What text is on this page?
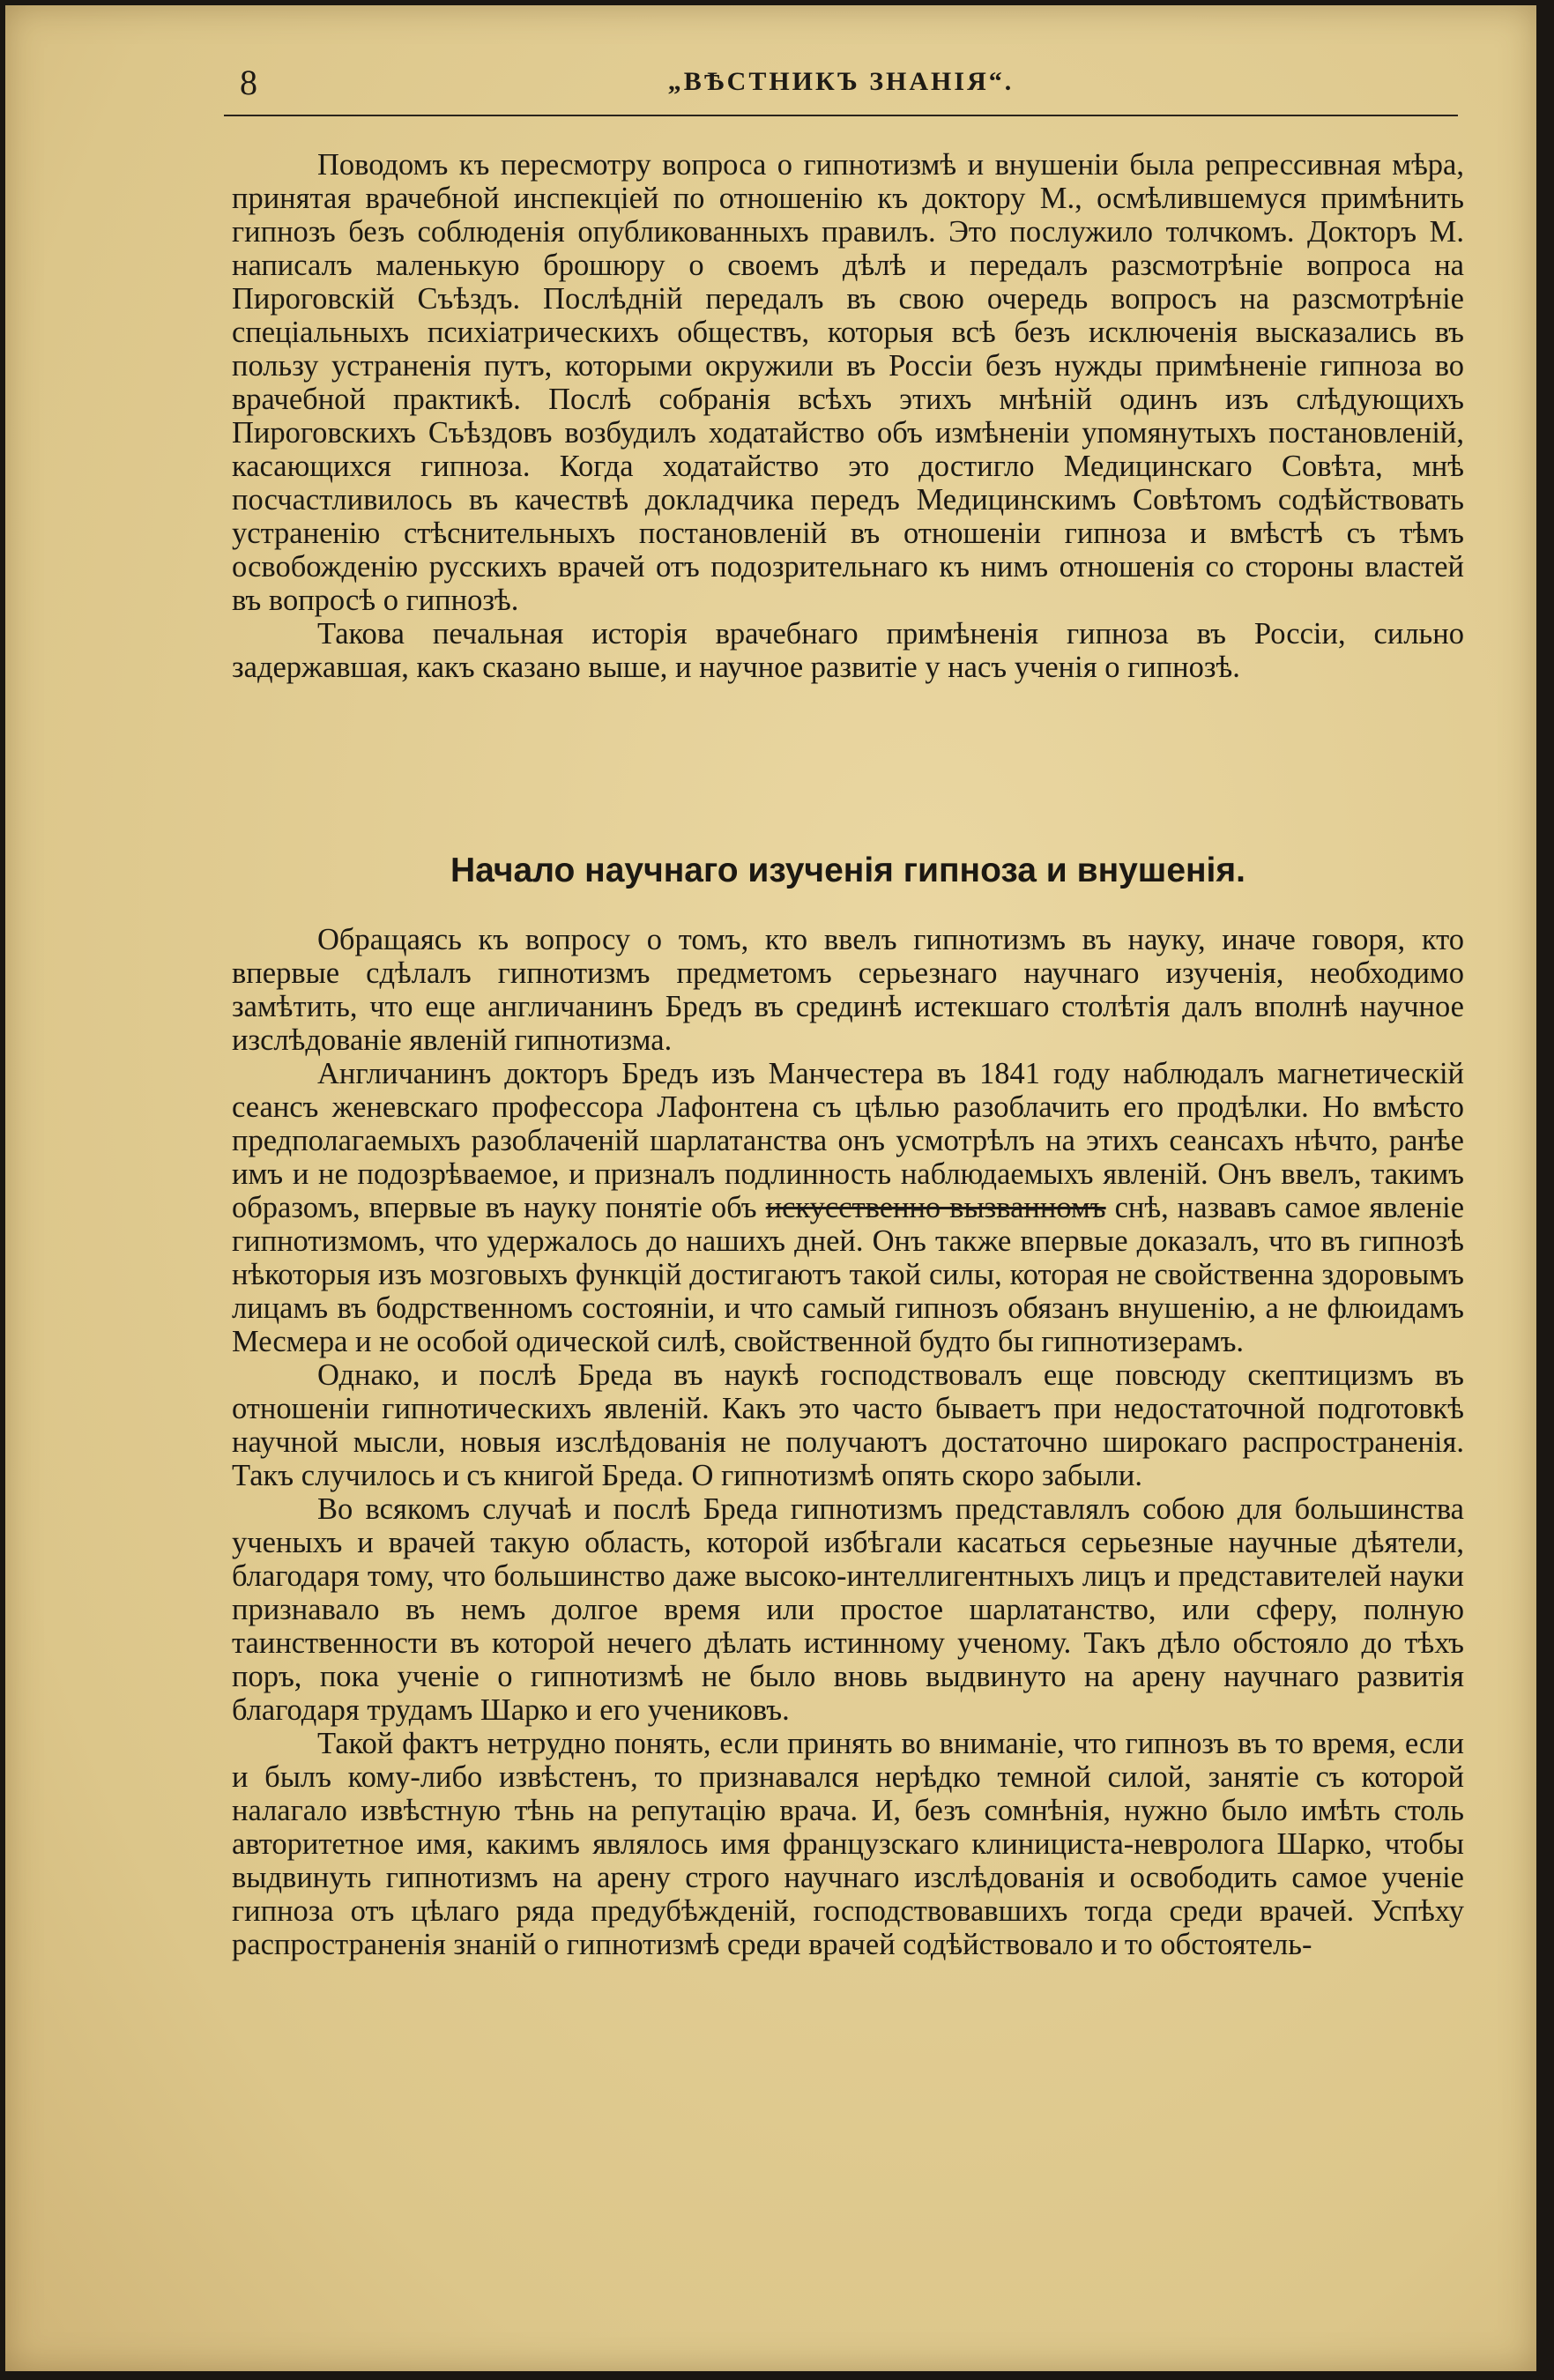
8	„ВѢСТНИКЪ ЗНАНІЯ“.

Поводомъ къ пересмотру вопроса о гипнотизмѣ и внушеніи была репрессивная мѣра, принятая врачебной инспекціей по отношенію къ доктору М., осмѣлившемуся примѣнить гипнозъ безъ соблюденія опубликованныхъ правилъ. Это послужило толчкомъ. Докторъ М. написалъ маленькую брошюру о своемъ дѣлѣ и передалъ разсмотрѣніе вопроса на Пироговскій Съѣздъ. Послѣдній передалъ въ свою очередь вопросъ на разсмотрѣніе спеціальныхъ психіатрическихъ обществъ, которыя всѣ безъ исключенія высказались въ пользу устраненія путъ, которыми окружили въ Россіи безъ нужды примѣненіе гипноза во врачебной практикѣ. Послѣ собранія всѣхъ этихъ мнѣній одинъ изъ слѣдующихъ Пироговскихъ Съѣздовъ возбудилъ ходатайство объ измѣненіи упомянутыхъ постановленій, касающихся гипноза. Когда ходатайство это достигло Медицинскаго Совѣта, мнѣ посчастливилось въ качествѣ докладчика передъ Медицинскимъ Совѣтомъ содѣйствовать устраненію стѣснительныхъ постановленій въ отношеніи гипноза и вмѣстѣ съ тѣмъ освобожденію русскихъ врачей отъ подозрительнаго къ нимъ отношенія со стороны властей въ вопросѣ о гипнозѣ.

Такова печальная исторія врачебнаго примѣненія гипноза въ Россіи, сильно задержавшая, какъ сказано выше, и научное развитіе у насъ ученія о гипнозѣ.

Начало научнаго изученія гипноза и внушенія.

Обращаясь къ вопросу о томъ, кто ввелъ гипнотизмъ въ науку, иначе говоря, кто впервые сдѣлалъ гипнотизмъ предметомъ серьезнаго научнаго изученія, необходимо замѣтить, что еще англичанинъ Бредъ въ срединѣ истекшаго столѣтія далъ вполнѣ научное изслѣдованіе явленій гипнотизма.

Англичанинъ докторъ Бредъ изъ Манчестера въ 1841 году наблюдалъ магнетическій сеансъ женевскаго профессора Лафонтена съ цѣлью разоблачить его продѣлки. Но вмѣсто предполагаемыхъ разоблаченій шарлатанства онъ усмотрѣлъ на этихъ сеансахъ нѣчто, ранѣе имъ и не подозрѣваемое, и призналъ подлинность наблюдаемыхъ явленій. Онъ ввелъ, такимъ образомъ, впервые въ науку понятіе объ искусственно вызванномъ снѣ, назвавъ самое явленіе гипнотизмомъ, что удержалось до нашихъ дней. Онъ также впервые доказалъ, что въ гипнозѣ нѣкоторыя изъ мозговыхъ функцій достигаютъ такой силы, которая не свойственна здоровымъ лицамъ въ бодрственномъ состояніи, и что самый гипнозъ обязанъ внушенію, а не флюидамъ Месмера и не особой одической силѣ, свойственной будто бы гипнотизерамъ.

Однако, и послѣ Бреда въ наукѣ господствовалъ еще повсюду скептицизмъ въ отношеніи гипнотическихъ явленій. Какъ это часто бываетъ при недостаточной подготовкѣ научной мысли, новыя изслѣдованія не получаютъ достаточно широкаго распространенія. Такъ случилось и съ книгой Бреда. О гипнотизмѣ опять скоро забыли.

Во всякомъ случаѣ и послѣ Бреда гипнотизмъ представлялъ собою для большинства ученыхъ и врачей такую область, которой избѣгали касаться серьезные научные дѣятели, благодаря тому, что большинство даже высоко-интеллигентныхъ лицъ и представителей науки признавало въ немъ долгое время или простое шарлатанство, или сферу, полную таинственности въ которой нечего дѣлать истинному ученому. Такъ дѣло обстояло до тѣхъ поръ, пока ученіе о гипнотизмѣ не было вновь выдвинуто на арену научнаго развитія благодаря трудамъ Шарко и его учениковъ.

Такой фактъ нетрудно понять, если принять во вниманіе, что гипнозъ въ то время, если и былъ кому-либо извѣстенъ, то признавался нерѣдко темной силой, занятіе съ которой налагало извѣстную тѣнь на репутацію врача. И, безъ сомнѣнія, нужно было имѣть столь авторитетное имя, какимъ являлось имя французскаго клинициста-невролога Шарко, чтобы выдвинуть гипнотизмъ на арену строго научнаго изслѣдованія и освободить самое ученіе гипноза отъ цѣлаго ряда предубѣжденій, господствовавшихъ тогда среди врачей. Успѣху распространенія знаній о гипнотизмѣ среди врачей содѣйствовало и то обстоятель-
